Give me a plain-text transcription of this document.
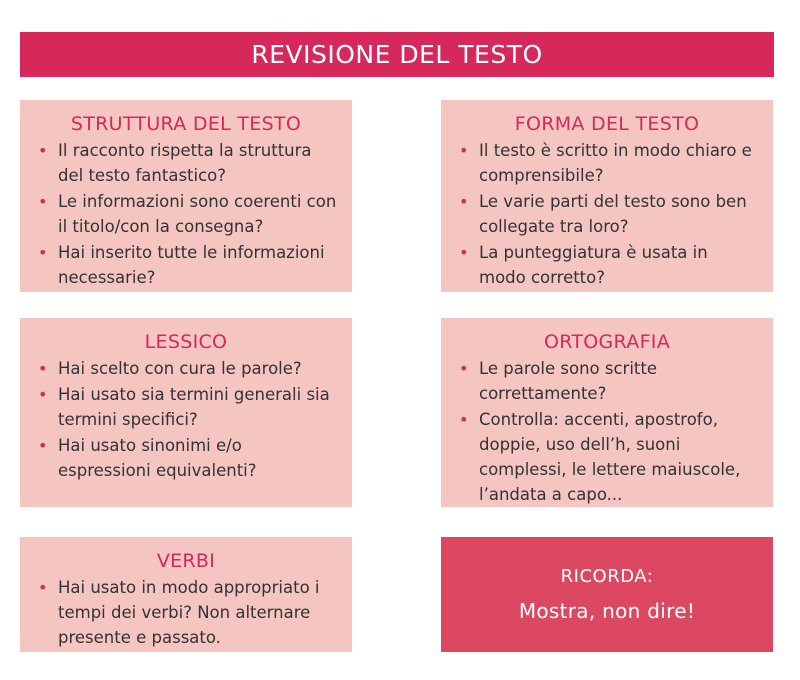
REVISIONE DEL TESTO
STRUTTURA DEL TESTO
• Il racconto rispetta la struttura del testo fantastico?
• Le informazioni sono coerenti con il titolo/con la consegna?
• Hai inserito tutte le informazioni necessarie?
FORMA DEL TESTO
• Il testo è scritto in modo chiaro e comprensibile?
• Le varie parti del testo sono ben collegate tra loro?
• La punteggiatura è usata in modo corretto?
LESSICO
• Hai scelto con cura le parole?
• Hai usato sia termini generali sia termini specifici?
• Hai usato sinonimi e/o espressioni equivalenti?
ORTOGRAFIA
• Le parole sono scritte correttamente?
• Controlla: accenti, apostrofo, doppie, uso dell’h, suoni complessi, le lettere maiuscole, l’andata a capo...
VERBI
• Hai usato in modo appropriato i tempi dei verbi? Non alternare presente e passato.
RICORDA:
Mostra, non dire!
